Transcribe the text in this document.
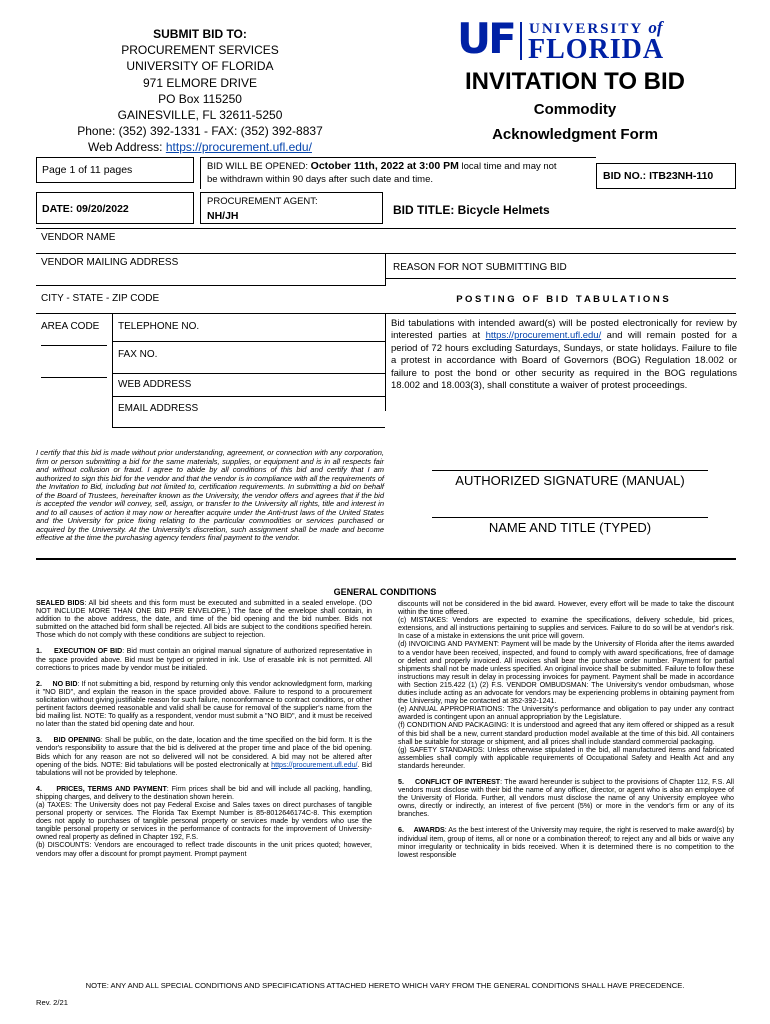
SUBMIT BID TO:
PROCUREMENT SERVICES
UNIVERSITY OF FLORIDA
971 ELMORE DRIVE
PO Box 115250
GAINESVILLE, FL 32611-5250
Phone: (352) 392-1331 - FAX: (352) 392-8837
Web Address: https://procurement.ufl.edu/
UF UNIVERSITY of
FLORIDA
INVITATION TO BID
Commodity
Acknowledgment Form
Page 1 of 11 pages	BID WILL BE OPENED: October 11th, 2022 at 3:00 PM local time and may not
be withdrawn within 90 days after such date and time.	BID NO.: ITB23NH-110
DATE: 09/20/2022
PROCUREMENT AGENT:
NH/JH	BID TITLE: Bicycle Helmets
VENDOR NAME
VENDOR MAILING ADDRESS	REASON FOR NOT SUBMITTING BID
CITY - STATE - ZIP CODE	P O S T I N G   O F   B I D   T A B U L A T I O N S
AREA CODE TELEPHONE NO.
FAX NO.
WEB ADDRESS
EMAIL ADDRESS
Bid tabulations with intended award(s) will be posted electronically for review by interested parties at https://procurement.ufl.edu/ and will remain posted for a period of 72 hours excluding Saturdays, Sundays, or state holidays. Failure to file a protest in accordance with Board of Governors (BOG) Regulation 18.002 or failure to post the bond or other security as required in the BOG regulations 18.002 and 18.003(3), shall constitute a waiver of protest proceedings.
I certify that this bid is made without prior understanding, agreement, or connection with any corporation, firm or person submitting a bid for the same materials, supplies, or equipment and is in all respects fair and without collusion or fraud. I agree to abide by all conditions of this bid and certify that I am authorized to sign this bid for the vendor and that the vendor is in compliance with all the requirements of the Invitation to Bid, including but not limited to, certification requirements. In submitting a bid on behalf of the Board of Trustees, hereinafter known as the University, the vendor offers and agrees that if the bid is accepted the vendor will convey, sell, assign, or transfer to the University all rights, title and interest in and to all causes of action it may now or hereafter acquire under the Anti-trust laws of the United States and the University for price fixing relating to the particular commodities or services purchased or acquired by the University. At the University's discretion, such assignment shall be made and become effective at the time the purchasing agency tenders final payment to the vendor.
AUTHORIZED SIGNATURE (MANUAL)
NAME AND TITLE (TYPED)
GENERAL CONDITIONS

SEALED BIDS: All bid sheets and this form must be executed and submitted in a sealed envelope. (DO NOT INCLUDE MORE THAN ONE BID PER ENVELOPE.) The face of the envelope shall contain, in addition to the above address, the date, and time of the bid opening and the bid number. Bids not submitted on the attached bid form shall be rejected. All bids are subject to the conditions specified herein. Those which do not comply with these conditions are subject to rejection.

1.     EXECUTION OF BID: Bid must contain an original manual signature of authorized representative in the space provided above. Bid must be typed or printed in ink. Use of erasable ink is not permitted. All corrections to prices made by vendor must be initialed.

2.     NO BID: If not submitting a bid, respond by returning only this vendor acknowledgment form, marking it "NO BID", and explain the reason in the space provided above. Failure to respond to a procurement solicitation without giving justifiable reason for such failure, nonconformance to contract conditions, or other pertinent factors deemed reasonable and valid shall be cause for removal of the supplier's name from the bid mailing list. NOTE: To qualify as a respondent, vendor must submit a "NO BID", and it must be received no later than the stated bid opening date and hour.

3.     BID OPENING: Shall be public, on the date, location and the time specified on the bid form. It is the vendor's responsibility to assure that the bid is delivered at the proper time and place of the bid opening. Bids which for any reason are not so delivered will not be considered. A bid may not be altered after opening of the bids. NOTE: Bid tabulations will be posted electronically at https://procurement.ufl.edu/. Bid tabulations will not be provided by telephone.

4.     PRICES, TERMS AND PAYMENT: Firm prices shall be bid and will include all packing, handling, shipping charges, and delivery to the destination shown herein.
(a) TAXES: The University does not pay Federal Excise and Sales taxes on direct purchases of tangible personal property or services. The Florida Tax Exempt Number is 85-8012646174C-8. This exemption does not apply to purchases of tangible personal property or services made by vendors who use the tangible personal property or services in the performance of contracts for the improvement of University-owned real property as defined in Chapter 192, F.S.
(b) DISCOUNTS: Vendors are encouraged to reflect trade discounts in the unit prices quoted; however, vendors may offer a discount for prompt payment. Prompt payment

discounts will not be considered in the bid award. However, every effort will be made to take the discount within the time offered.
(c) MISTAKES: Vendors are expected to examine the specifications, delivery schedule, bid prices, extensions, and all instructions pertaining to supplies and services. Failure to do so will be at vendor's risk. In case of a mistake in extensions the unit price will govern.
(d) INVOICING AND PAYMENT: Payment will be made by the University of Florida after the items awarded to a vendor have been received, inspected, and found to comply with award specifications, free of damage or defect and properly invoiced. All invoices shall bear the purchase order number. Payment for partial shipments shall not be made unless specified. An original invoice shall be submitted. Failure to follow these instructions may result in delay in processing invoices for payment. Payment shall be made in accordance with Section 215.422 (1) (2) F.S. VENDOR OMBUDSMAN: The University's vendor ombudsman, whose duties include acting as an advocate for vendors may be experiencing problems in obtaining payment from the University, may be contacted at 352-392-1241.
(e) ANNUAL APPROPRIATIONS: The University's performance and obligation to pay under any contract awarded is contingent upon an annual appropriation by the Legislature.
(f) CONDITION AND PACKAGING: It is understood and agreed that any item offered or shipped as a result of this bid shall be a new, current standard production model available at the time of this bid. All containers shall be suitable for storage or shipment, and all prices shall include standard commercial packaging.
(g) SAFETY STANDARDS: Unless otherwise stipulated in the bid, all manufactured items and fabricated assemblies shall comply with applicable requirements of Occupational Safety and Health Act and any standards hereunder.

5.     CONFLICT OF INTEREST: The award hereunder is subject to the provisions of Chapter 112, F.S. All vendors must disclose with their bid the name of any officer, director, or agent who is also an employee of the University of Florida. Further, all vendors must disclose the name of any University employee who owns, directly or indirectly, an interest of five percent (5%) or more in the vendor's firm or any of its branches.

6.     AWARDS: As the best interest of the University may require, the right is reserved to make award(s) by individual item, group of items, all or none or a combination thereof; to reject any and all bids or waive any minor irregularity or technicality in bids received. When it is determined there is no competition to the lowest responsible

NOTE: ANY AND ALL SPECIAL CONDITIONS AND SPECIFICATIONS ATTACHED HERETO WHICH VARY FROM THE GENERAL CONDITIONS SHALL HAVE PRECEDENCE.
Rev. 2/21
